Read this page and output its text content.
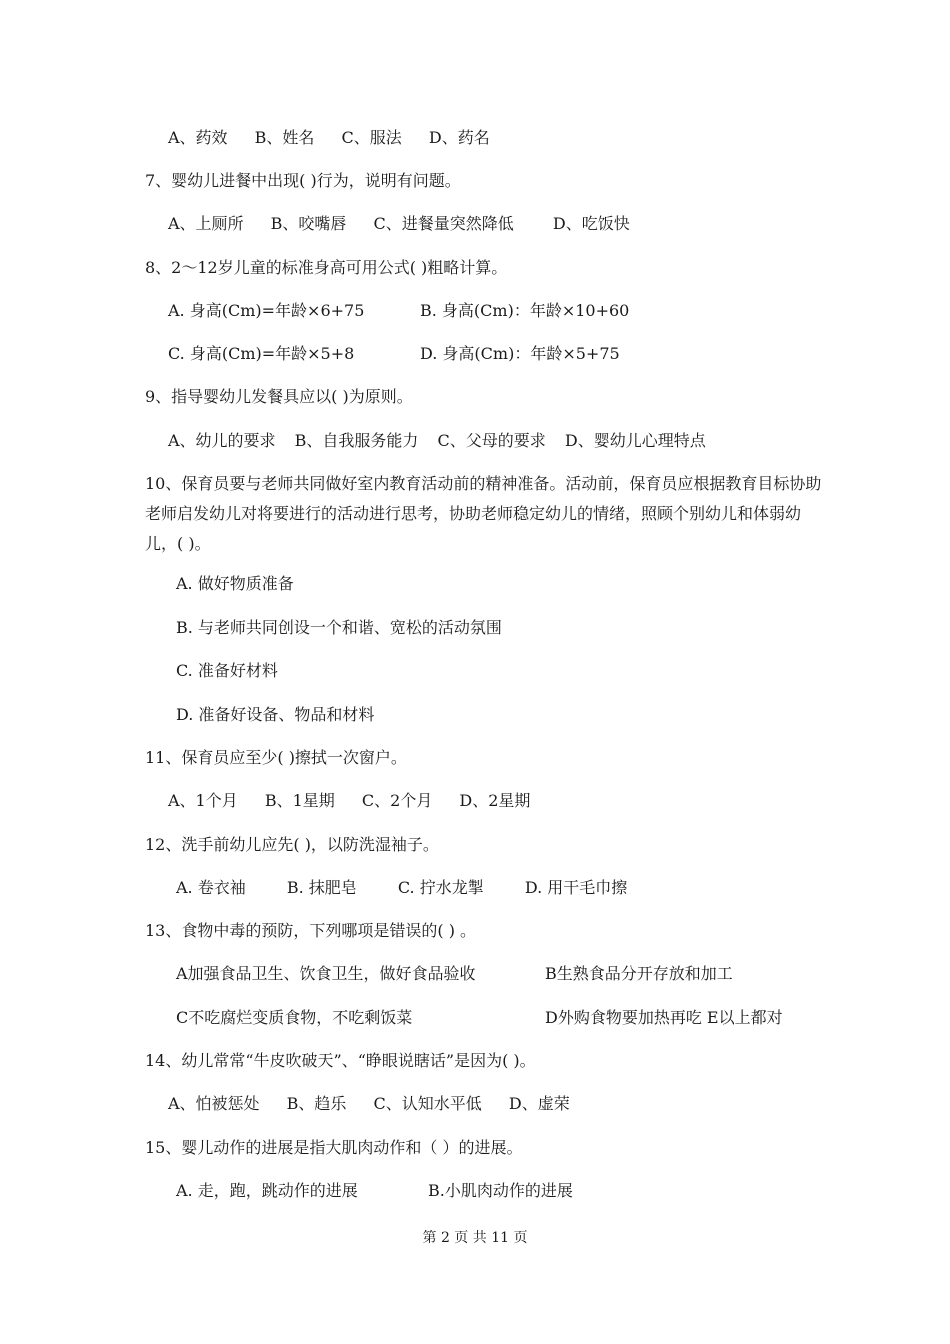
A、药效 B、姓名 C、服法 D、药名
7、婴幼儿进餐中出现( )行为，说明有问题。
A、上厕所 B、咬嘴唇 C、进餐量突然降低 D、吃饭快
8、2～12岁儿童的标准身高可用公式( )粗略计算。
A. 身高(Cm)=年龄×6+75	B. 身高(Cm)：年龄×10+60
C. 身高(Cm)=年龄×5+8	D. 身高(Cm)：年龄×5+75
9、指导婴幼儿发餐具应以( )为原则。
A、幼儿的要求 B、自我服务能力 C、父母的要求 D、婴幼儿心理特点
10、保育员要与老师共同做好室内教育活动前的精神准备。活动前，保育员应根据教育目标协助老师启发幼儿对将要进行的活动进行思考，协助老师稳定幼儿的情绪，照顾个别幼儿和体弱幼儿，( )。
A. 做好物质准备
B. 与老师共同创设一个和谐、宽松的活动氛围
C. 准备好材料
D. 准备好设备、物品和材料
11、保育员应至少( )擦拭一次窗户。
A、1个月 B、1星期 C、2个月 D、2星期
12、洗手前幼儿应先( )，以防洗湿袖子。
A. 卷衣袖	B. 抹肥皂	C. 拧水龙掣	D. 用干毛巾擦
13、食物中毒的预防，下列哪项是错误的( ) 。
A加强食品卫生、饮食卫生，做好食品验收	B生熟食品分开存放和加工
C不吃腐烂变质食物，不吃剩饭菜	D外购食物要加热再吃 E以上都对
14、幼儿常常“牛皮吹破天”、“睁眼说瞎话”是因为( )。
A、怕被惩处 B、趋乐 C、认知水平低 D、虚荣
15、婴儿动作的进展是指大肌肉动作和（ ）的进展。
A. 走，跑，跳动作的进展	B.小肌肉动作的进展
第 2 页 共 11 页
